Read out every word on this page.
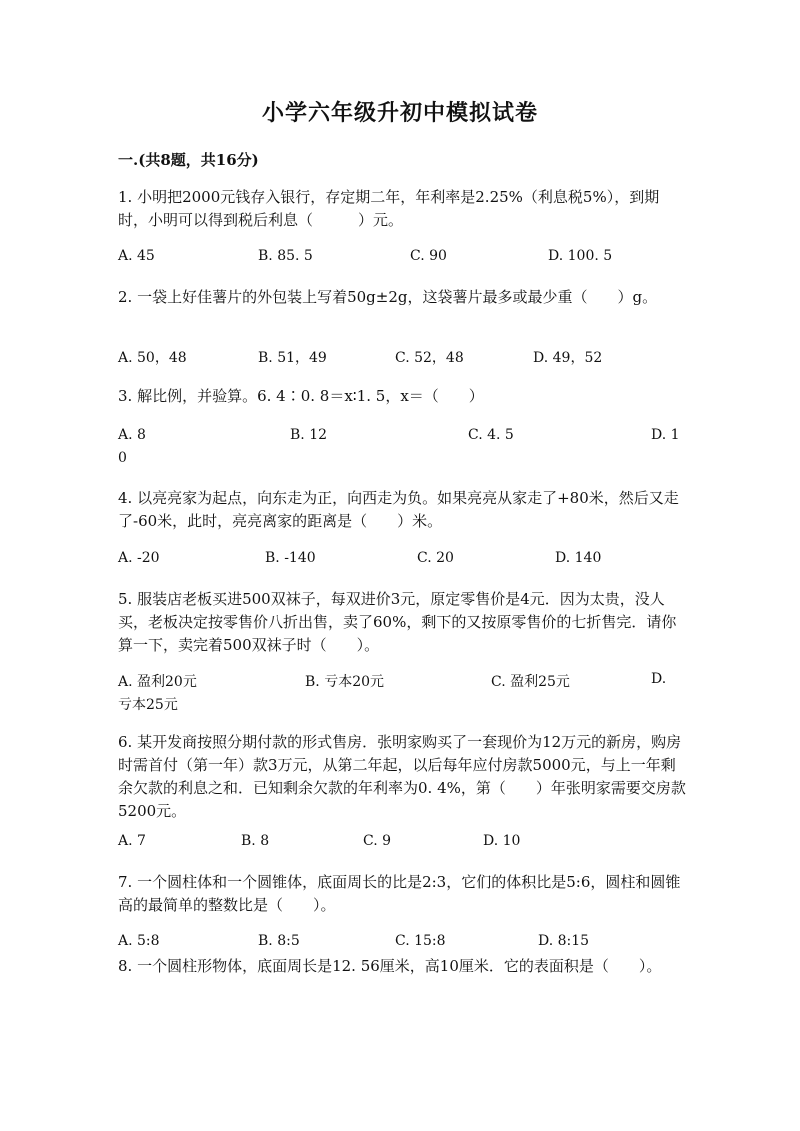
小学六年级升初中模拟试卷
一.(共8题，共16分)
1. 小明把2000元钱存入银行，存定期二年，年利率是2.25%（利息税5%），到期时，小明可以得到税后利息（　　　）元。
A. 45	B. 85. 5	C. 90	D. 100. 5
2. 一袋上好佳薯片的外包装上写着50g±2g，这袋薯片最多或最少重（　　）g。
A. 50，48	B. 51，49	C. 52，48	D. 49，52
3. 解比例，并验算。6. 4∶0. 8＝x∶1. 5，x＝（　　）
A. 8	B. 12	C. 4. 5	D. 1
0
4. 以亮亮家为起点，向东走为正，向西走为负。如果亮亮从家走了+80米，然后又走了-60米，此时，亮亮离家的距离是（　　）米。
A. -20	B. -140	C. 20	D. 140
5. 服装店老板买进500双袜子，每双进价3元，原定零售价是4元．因为太贵，没人买，老板决定按零售价八折出售，卖了60%，剩下的又按原零售价的七折售完．请你算一下，卖完着500双袜子时（　　）。
A. 盈利20元	B. 亏本20元	C. 盈利25元	D.
亏本25元
6. 某开发商按照分期付款的形式售房．张明家购买了一套现价为12万元的新房，购房时需首付（第一年）款3万元，从第二年起，以后每年应付房款5000元，与上一年剩余欠款的利息之和．已知剩余欠款的年利率为0. 4%，第（　　）年张明家需要交房款5200元。
A. 7	B. 8	C. 9	D. 10
7. 一个圆柱体和一个圆锥体，底面周长的比是2:3，它们的体积比是5:6，圆柱和圆锥高的最简单的整数比是（　　）。
A. 5:8	B. 8:5	C. 15:8	D. 8:15
8. 一个圆柱形物体，底面周长是12. 56厘米，高10厘米．它的表面积是（　　）。
